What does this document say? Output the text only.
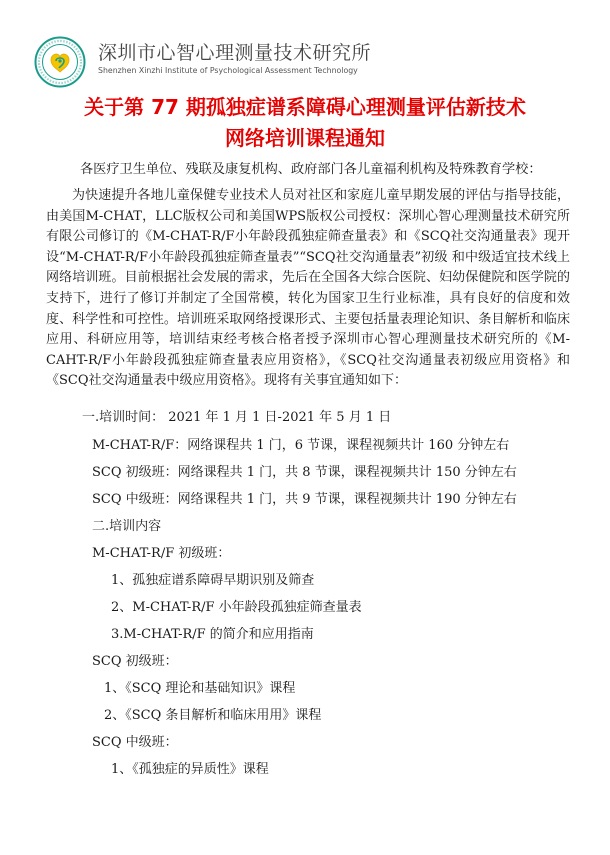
深圳市心智心理测量技术研究所
Shenzhen Xinzhi Institute of Psychological Assessment Technology
关于第 77 期孤独症谱系障碍心理测量评估新技术
网络培训课程通知
各医疗卫生单位、残联及康复机构、政府部门各儿童福利机构及特殊教育学校：
为快速提升各地儿童保健专业技术人员对社区和家庭儿童早期发展的评估与指导技能，由美国M-CHAT，LLC版权公司和美国WPS版权公司授权：深圳心智心理测量技术研究所有限公司修订的《M-CHAT-R/F小年龄段孤独症筛查量表》和《SCQ社交沟通量表》现开设“M-CHAT-R/F小年龄段孤独症筛查量表”“SCQ社交沟通量表”初级 和中级适宜技术线上网络培训班。目前根据社会发展的需求，先后在全国各大综合医院、妇幼保健院和医学院的支持下，进行了修订并制定了全国常模，转化为国家卫生行业标准，具有良好的信度和效度、科学性和可控性。培训班采取网络授课形式、主要包括量表理论知识、条目解析和临床应用、科研应用等，培训结束经考核合格者授予深圳市心智心理测量技术研究所的《M-CAHT-R/F小年龄段孤独症筛查量表应用资格》，《SCQ社交沟通量表初级应用资格》和《SCQ社交沟通量表中级应用资格》。现将有关事宜通知如下：
一.培训时间： 2021 年 1 月 1 日-2021 年 5 月 1 日
M-CHAT-R/F：网络课程共 1 门，6 节课，课程视频共计 160 分钟左右
SCQ 初级班：网络课程共 1 门，共 8 节课，课程视频共计 150 分钟左右
SCQ 中级班：网络课程共 1 门，共 9 节课，课程视频共计 190 分钟左右
二.培训内容
M-CHAT-R/F 初级班：
1、孤独症谱系障碍早期识别及筛查
2、M-CHAT-R/F 小年龄段孤独症筛查量表
3.M-CHAT-R/F 的简介和应用指南
SCQ 初级班：
1、《SCQ 理论和基础知识》课程
2、《SCQ 条目解析和临床用用》课程
SCQ 中级班：
1、《孤独症的异质性》课程
